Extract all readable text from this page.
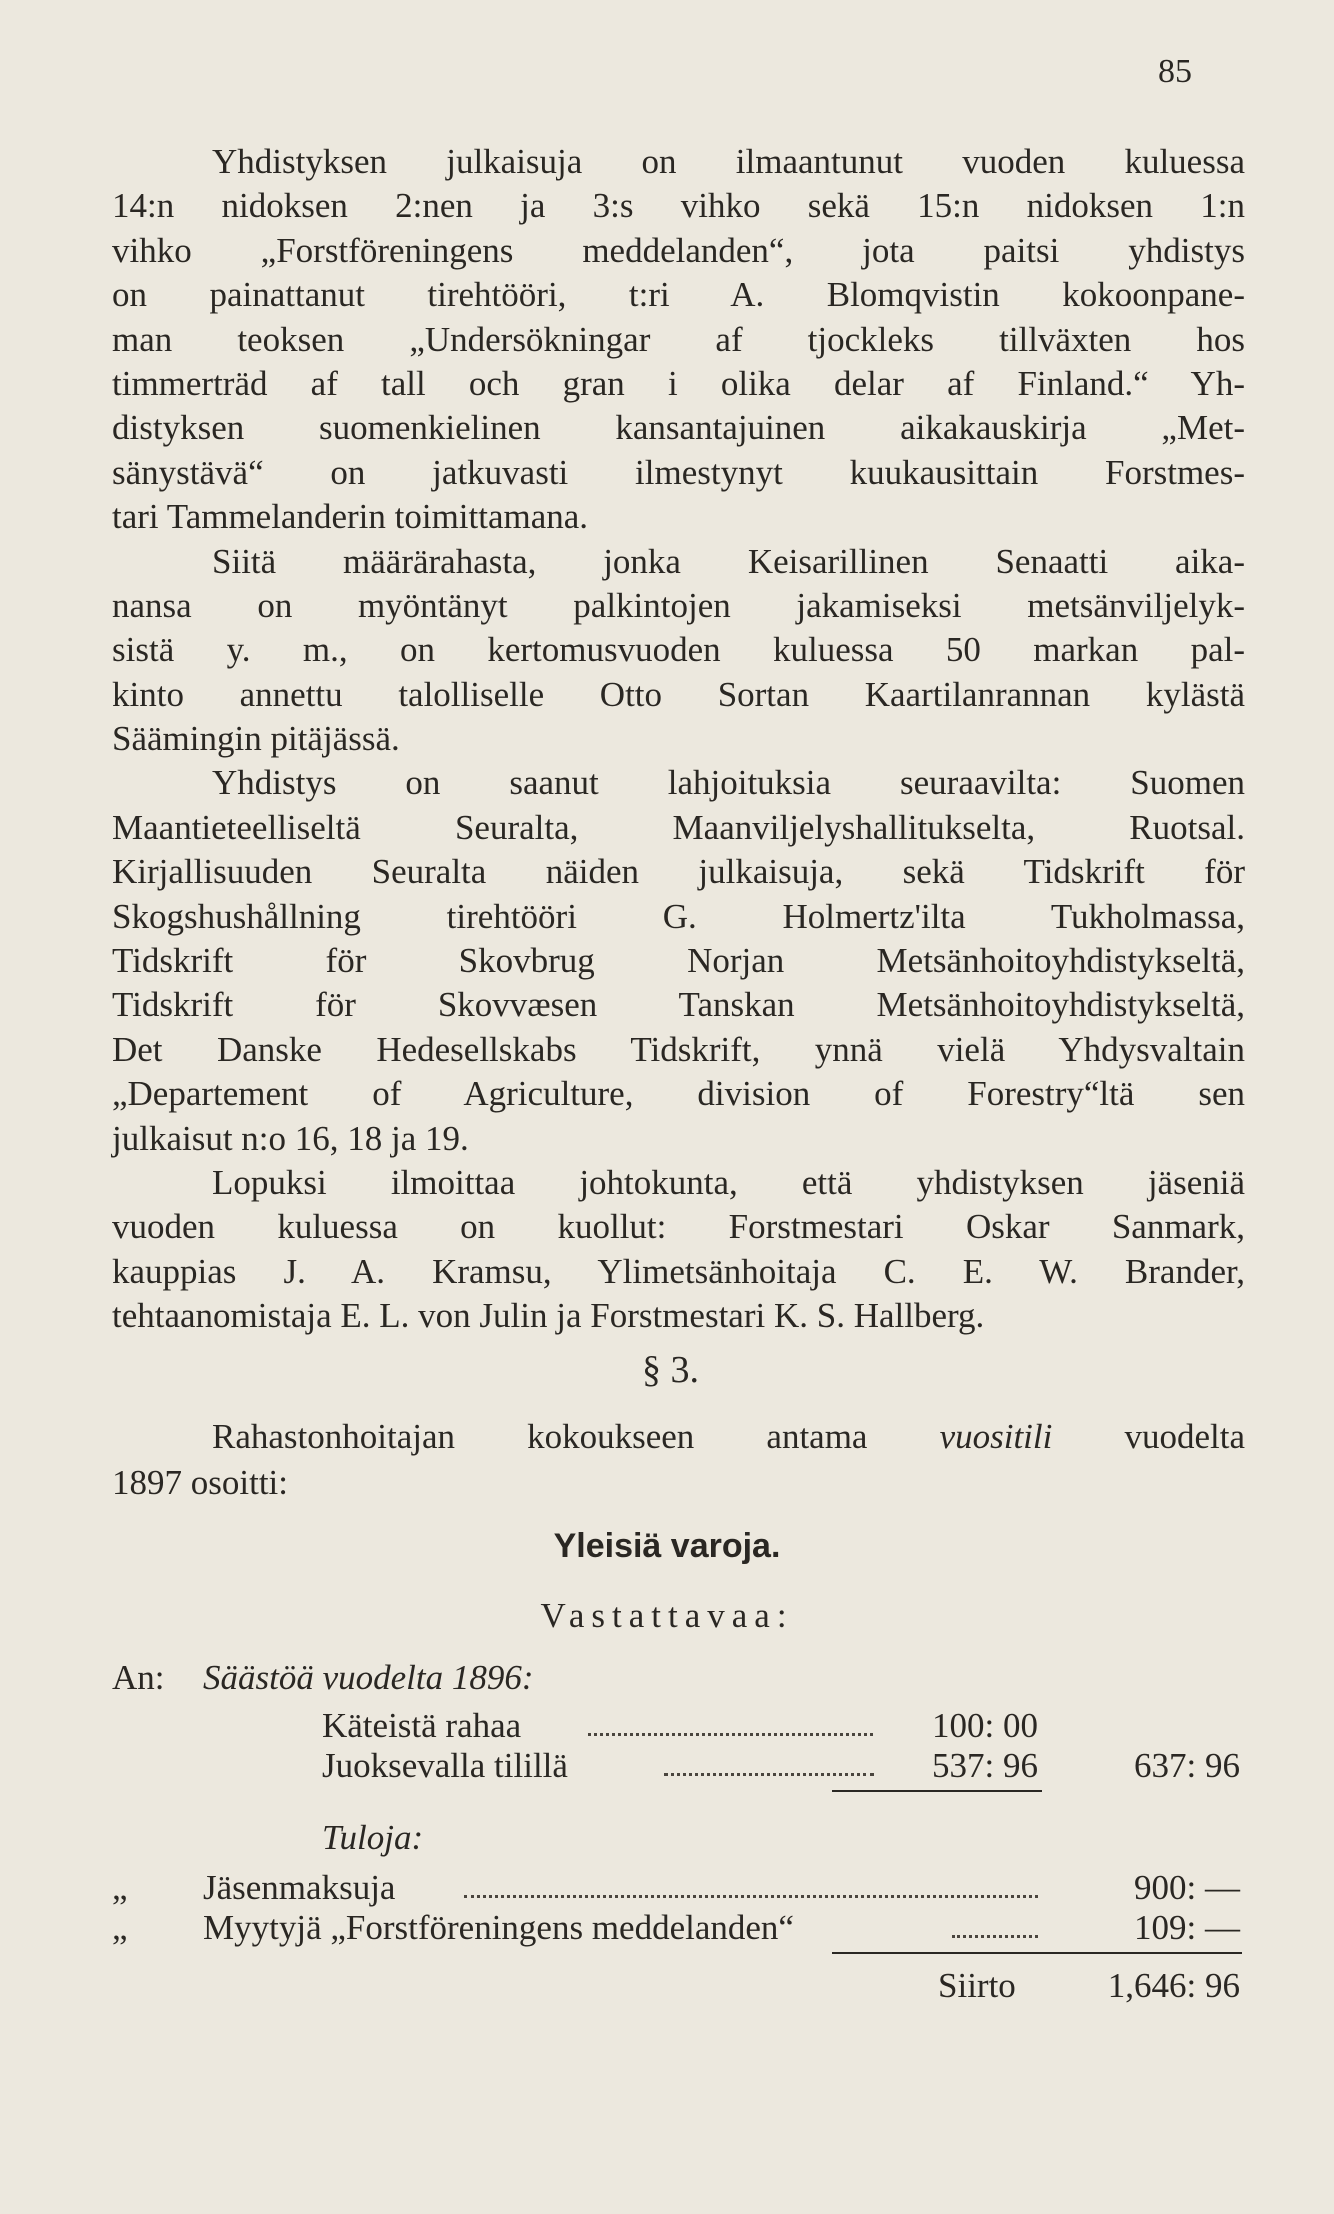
85

Yhdistyksen julkaisuja on ilmaantunut vuoden kuluessa

14:n nidoksen 2:nen ja 3:s vihko sekä 15:n nidoksen 1:n

vihko „Forstföreningens meddelanden“, jota paitsi yhdistys

on painattanut tirehtööri, t:ri A. Blomqvistin kokoonpane-

man teoksen „Undersökningar af tjockleks tillväxten hos

timmerträd af tall och gran i olika delar af Finland.“ Yh-

distyksen suomenkielinen kansantajuinen aikakauskirja „Met-

sänystävä“ on jatkuvasti ilmestynyt kuukausittain Forstmes-

tari Tammelanderin toimittamana.

Siitä määrärahasta, jonka Keisarillinen Senaatti aika-

nansa on myöntänyt palkintojen jakamiseksi metsänviljelyk-

sistä y. m., on kertomusvuoden kuluessa 50 markan pal-

kinto annettu talolliselle Otto Sortan Kaartilanrannan kylästä

Säämingin pitäjässä.

Yhdistys on saanut lahjoituksia seuraavilta: Suomen

Maantieteelliseltä Seuralta, Maanviljelyshallitukselta, Ruotsal.

Kirjallisuuden Seuralta näiden julkaisuja, sekä Tidskrift för

Skogshushållning tirehtööri G. Holmertz'ilta Tukholmassa,

Tidskrift för Skovbrug Norjan Metsänhoitoyhdistykseltä,

Tidskrift för Skovvæsen Tanskan Metsänhoitoyhdistykseltä,

Det Danske Hedesellskabs Tidskrift, ynnä vielä Yhdysvaltain

„Departement of Agriculture, division of Forestry“ltä sen

julkaisut n:o 16, 18 ja 19.

Lopuksi ilmoittaa johtokunta, että yhdistyksen jäseniä

vuoden kuluessa on kuollut: Forstmestari Oskar Sanmark,

kauppias J. A. Kramsu, Ylimetsänhoitaja C. E. W. Brander,

tehtaanomistaja E. L. von Julin ja Forstmestari K. S. Hallberg.

§ 3.

Rahastonhoitajan kokoukseen antama vuositili vuodelta

1897 osoitti:

Yleisiä varoja.
Vastattavaa:
An: Säästöä vuodelta 1896:
Käteistä rahaa	100: 00
Juoksevalla tilillä	537: 96	637: 96
Tuloja:
„ Jäsenmaksuja	900: —
„ Myytyjä „Forstföreningens meddelanden“	109: —
Siirto	1,646: 96
